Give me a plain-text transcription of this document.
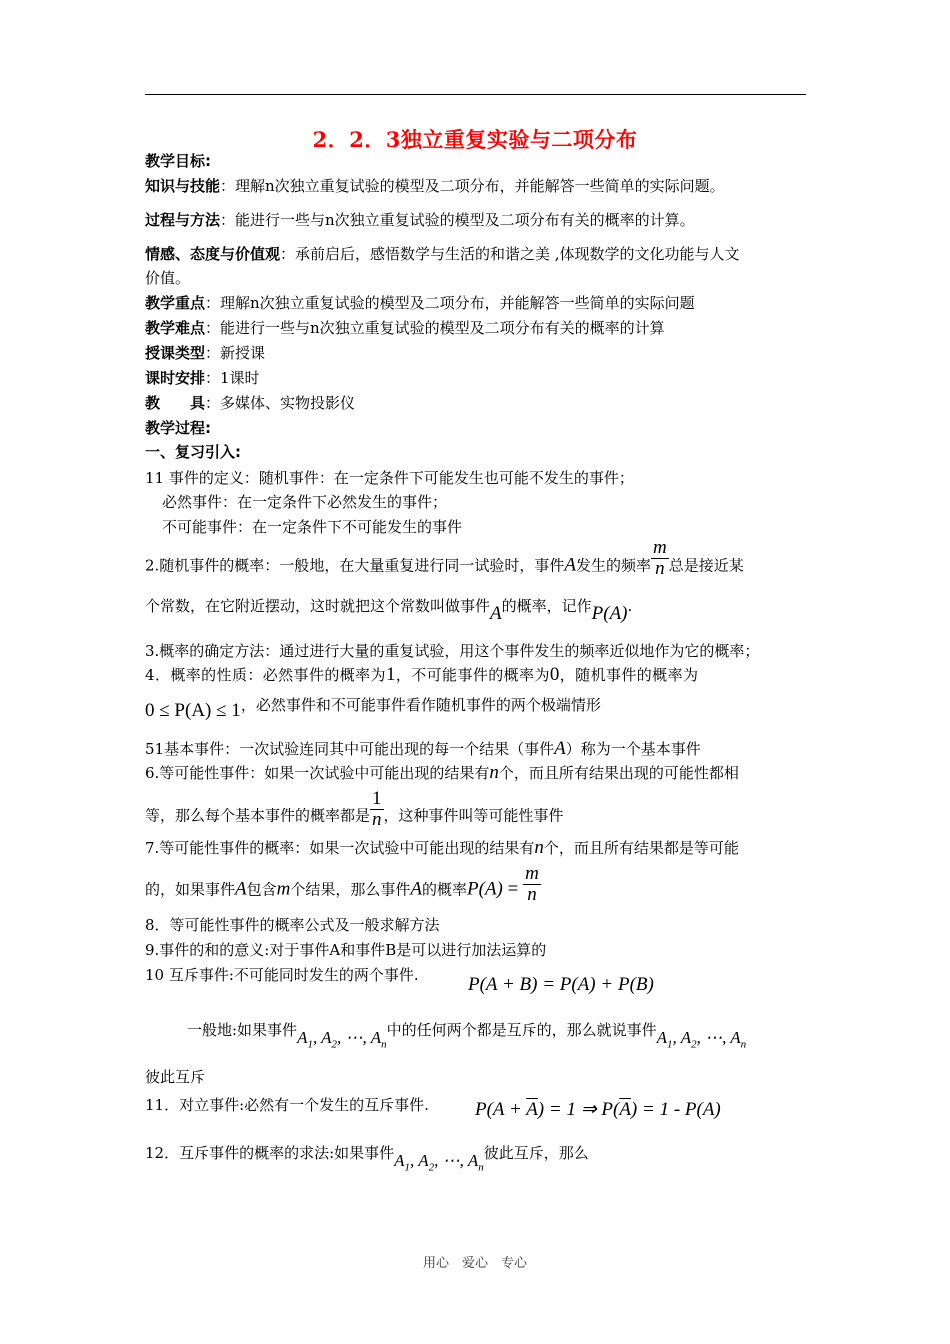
2．2．3独立重复实验与二项分布
教学目标:
知识与技能：理解n次独立重复试验的模型及二项分布，并能解答一些简单的实际问题。
过程与方法：能进行一些与n次独立重复试验的模型及二项分布有关的概率的计算。
情感、态度与价值观：承前启后，感悟数学与生活的和谐之美 ,体现数学的文化功能与人文
价值。
教学重点：理解n次独立重复试验的模型及二项分布，并能解答一些简单的实际问题
教学难点：能进行一些与n次独立重复试验的模型及二项分布有关的概率的计算
授课类型：新授课
课时安排：1课时
教　　具：多媒体、实物投影仪
教学过程:
一、复习引入:
11 事件的定义：随机事件：在一定条件下可能发生也可能不发生的事件；
必然事件：在一定条件下必然发生的事件；
不可能事件：在一定条件下不可能发生的事件
2.随机事件的概率：一般地，在大量重复进行同一试验时，事件A发生的频率 $\frac{m}{n}$ 总是接近某
个常数，在它附近摆动，这时就把这个常数叫做事件A的概率，记作P(A).
3.概率的确定方法：通过进行大量的重复试验，用这个事件发生的频率近似地作为它的概率；
4．概率的性质：必然事件的概率为1，不可能事件的概率为0，随机事件的概率为
0 ≤ P(A) ≤ 1，必然事件和不可能事件看作随机事件的两个极端情形
51基本事件：一次试验连同其中可能出现的每一个结果（事件A）称为一个基本事件
6.等可能性事件：如果一次试验中可能出现的结果有n个，而且所有结果出现的可能性都相
等，那么每个基本事件的概率都是 $\frac{1}{n}$ ，这种事件叫等可能性事件
7.等可能性事件的概率：如果一次试验中可能出现的结果有n个，而且所有结果都是等可能
的，如果事件A包含m个结果，那么事件A的概率$P(A) = \frac{m}{n}$
8．等可能性事件的概率公式及一般求解方法
9.事件的和的意义:对于事件A和事件B是可以进行加法运算的
10 互斥事件:不可能同时发生的两个事件.	P(A + B) = P(A) + P(B)
一般地:如果事件$A_1$, $A_2$, ⋯, $A_n$中的任何两个都是互斥的，那么就说事件$A_1$, $A_2$, ⋯, $A_n$
彼此互斥
11．对立事件:必然有一个发生的互斥事件. $P(A + \overline{A}) = 1$ ⇒ $P(\overline{A}) = 1 - P(A)$
12．互斥事件的概率的求法:如果事件$A_1$, $A_2$, ⋯, $A_n$彼此互斥，那么
用心　爱心　专心
